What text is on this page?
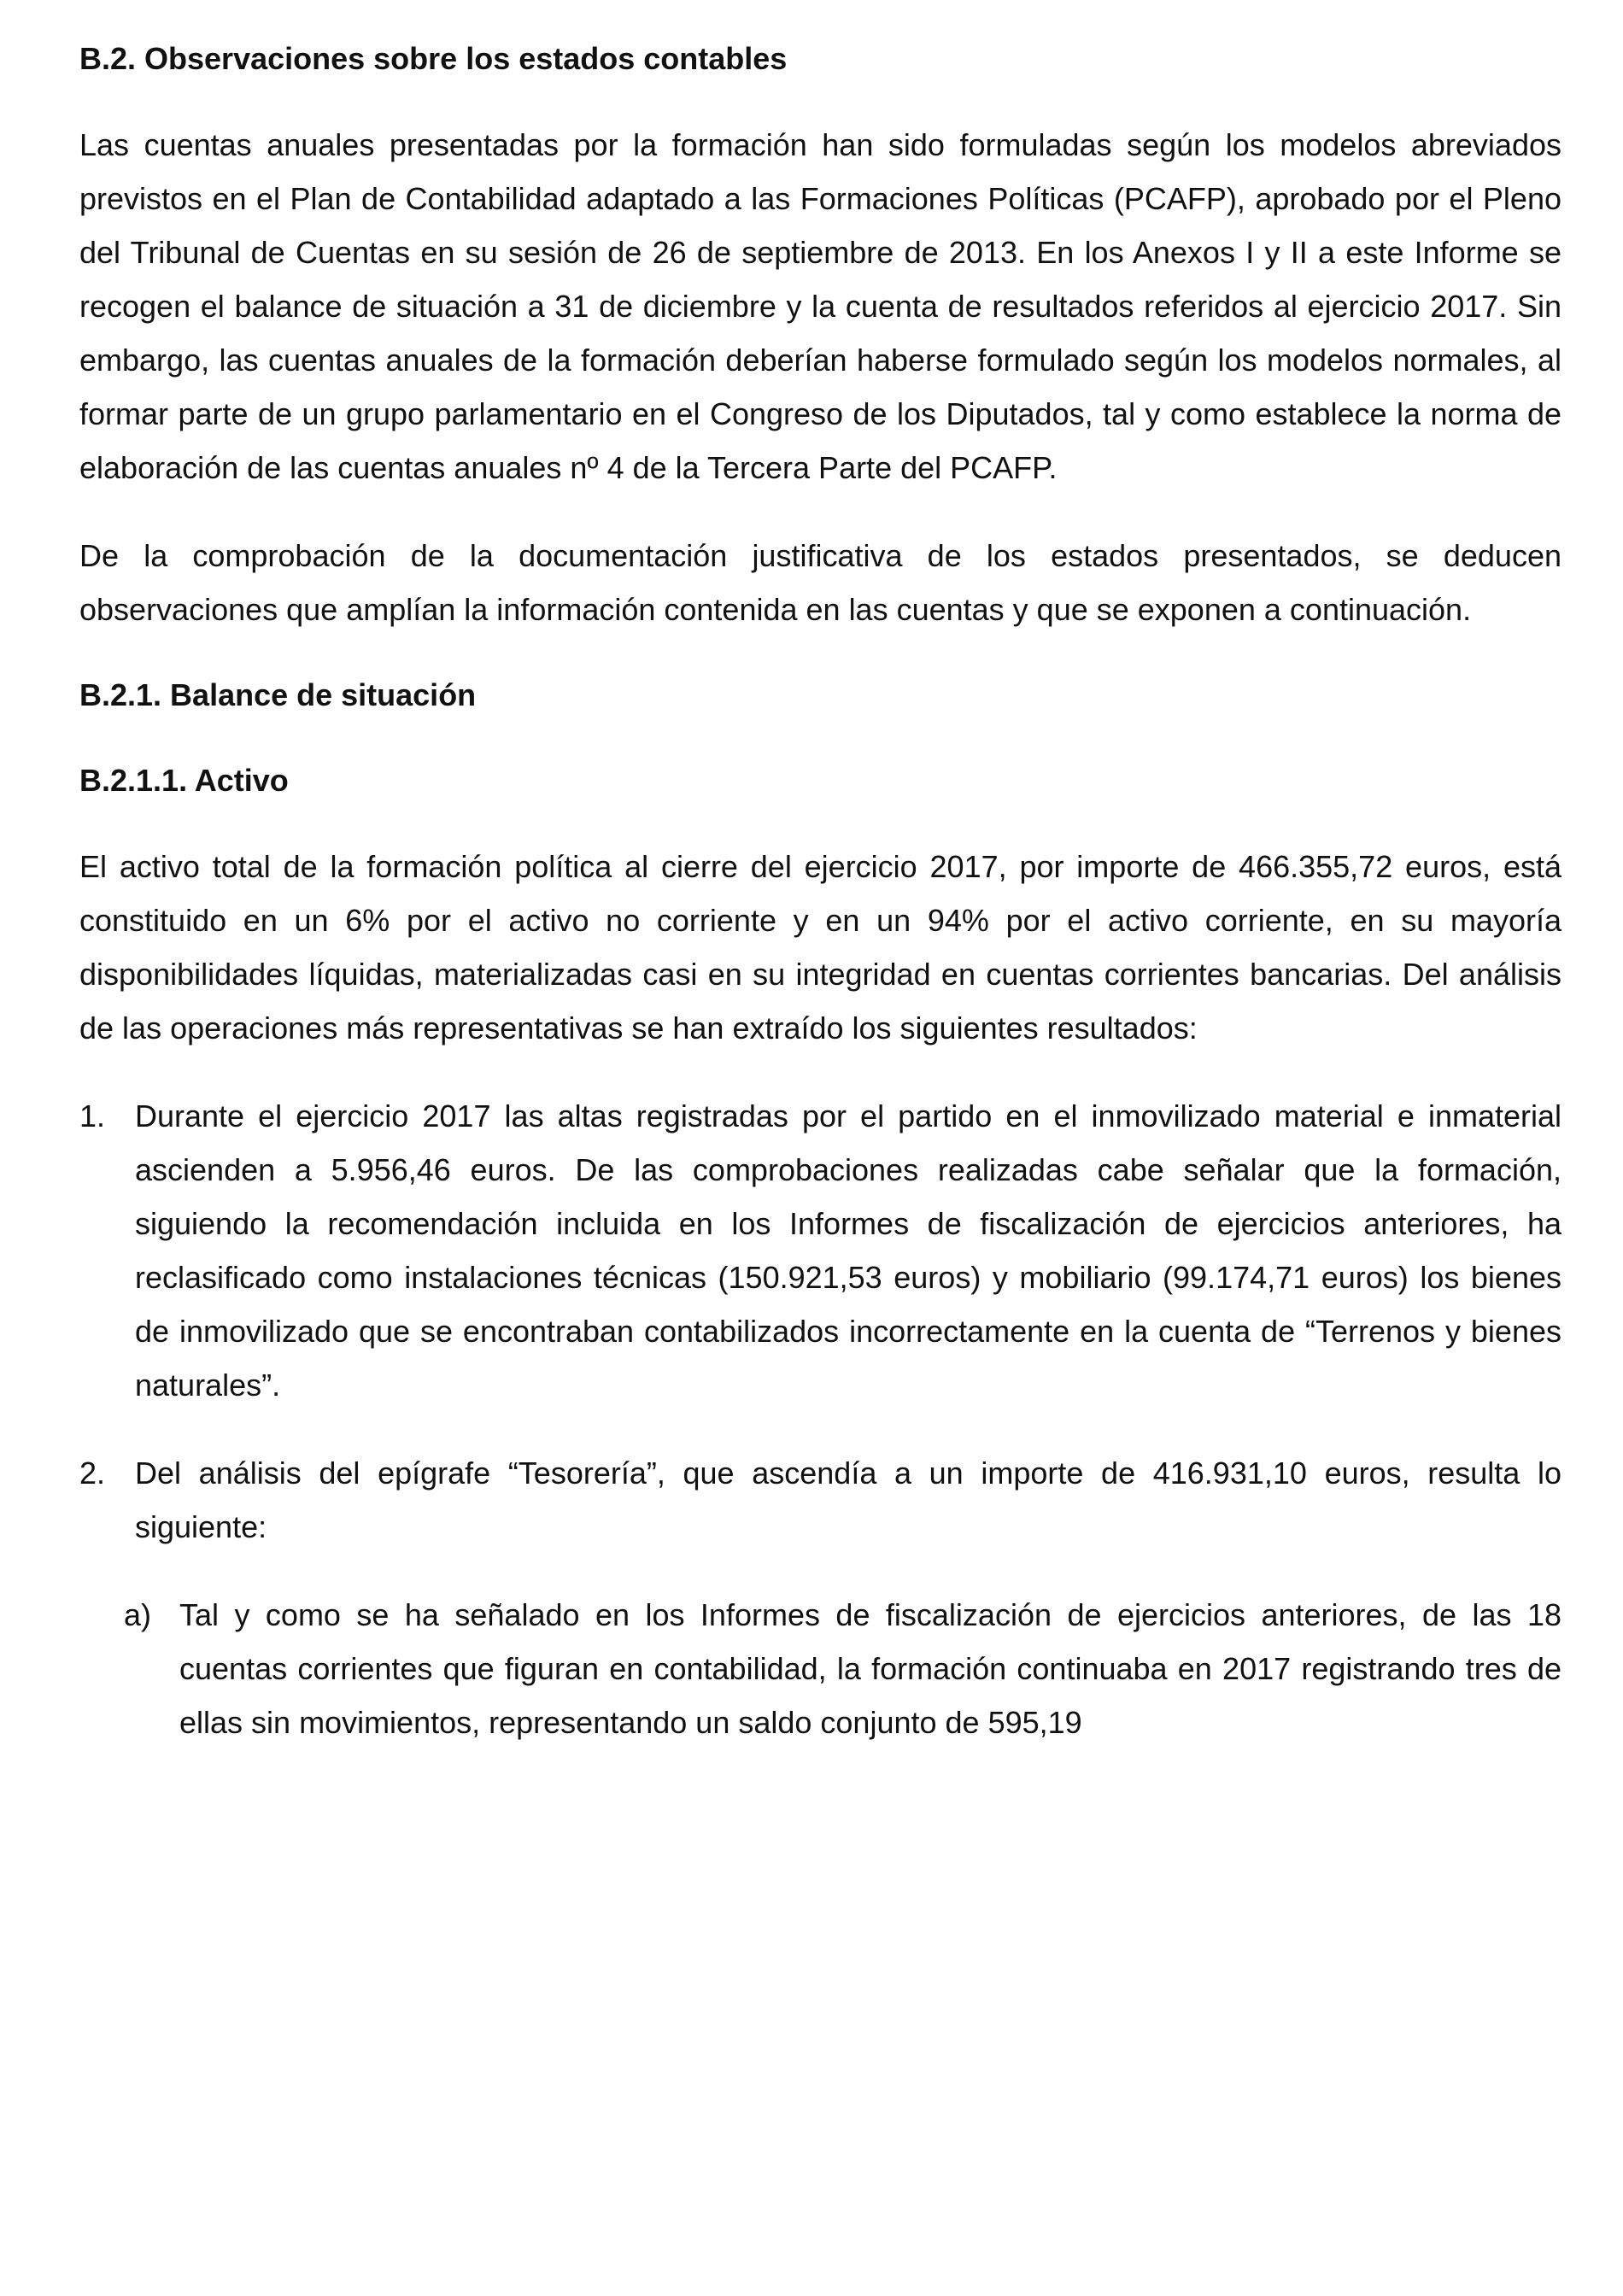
B.2. Observaciones sobre los estados contables

Las cuentas anuales presentadas por la formación han sido formuladas según los modelos abreviados previstos en el Plan de Contabilidad adaptado a las Formaciones Políticas (PCAFP), aprobado por el Pleno del Tribunal de Cuentas en su sesión de 26 de septiembre de 2013. En los Anexos I y II a este Informe se recogen el balance de situación a 31 de diciembre y la cuenta de resultados referidos al ejercicio 2017. Sin embargo, las cuentas anuales de la formación deberían haberse formulado según los modelos normales, al formar parte de un grupo parlamentario en el Congreso de los Diputados, tal y como establece la norma de elaboración de las cuentas anuales nº 4 de la Tercera Parte del PCAFP.

De la comprobación de la documentación justificativa de los estados presentados, se deducen observaciones que amplían la información contenida en las cuentas y que se exponen a continuación.

B.2.1. Balance de situación
B.2.1.1. Activo

El activo total de la formación política al cierre del ejercicio 2017, por importe de 466.355,72 euros, está constituido en un 6% por el activo no corriente y en un 94% por el activo corriente, en su mayoría disponibilidades líquidas, materializadas casi en su integridad en cuentas corrientes bancarias. Del análisis de las operaciones más representativas se han extraído los siguientes resultados:

1. Durante el ejercicio 2017 las altas registradas por el partido en el inmovilizado material e inmaterial ascienden a 5.956,46 euros. De las comprobaciones realizadas cabe señalar que la formación, siguiendo la recomendación incluida en los Informes de fiscalización de ejercicios anteriores, ha reclasificado como instalaciones técnicas (150.921,53 euros) y mobiliario (99.174,71 euros) los bienes de inmovilizado que se encontraban contabilizados incorrectamente en la cuenta de “Terrenos y bienes naturales”.

2. Del análisis del epígrafe “Tesorería”, que ascendía a un importe de 416.931,10 euros, resulta lo siguiente:

a) Tal y como se ha señalado en los Informes de fiscalización de ejercicios anteriores, de las 18 cuentas corrientes que figuran en contabilidad, la formación continuaba en 2017 registrando tres de ellas sin movimientos, representando un saldo conjunto de 595,19
